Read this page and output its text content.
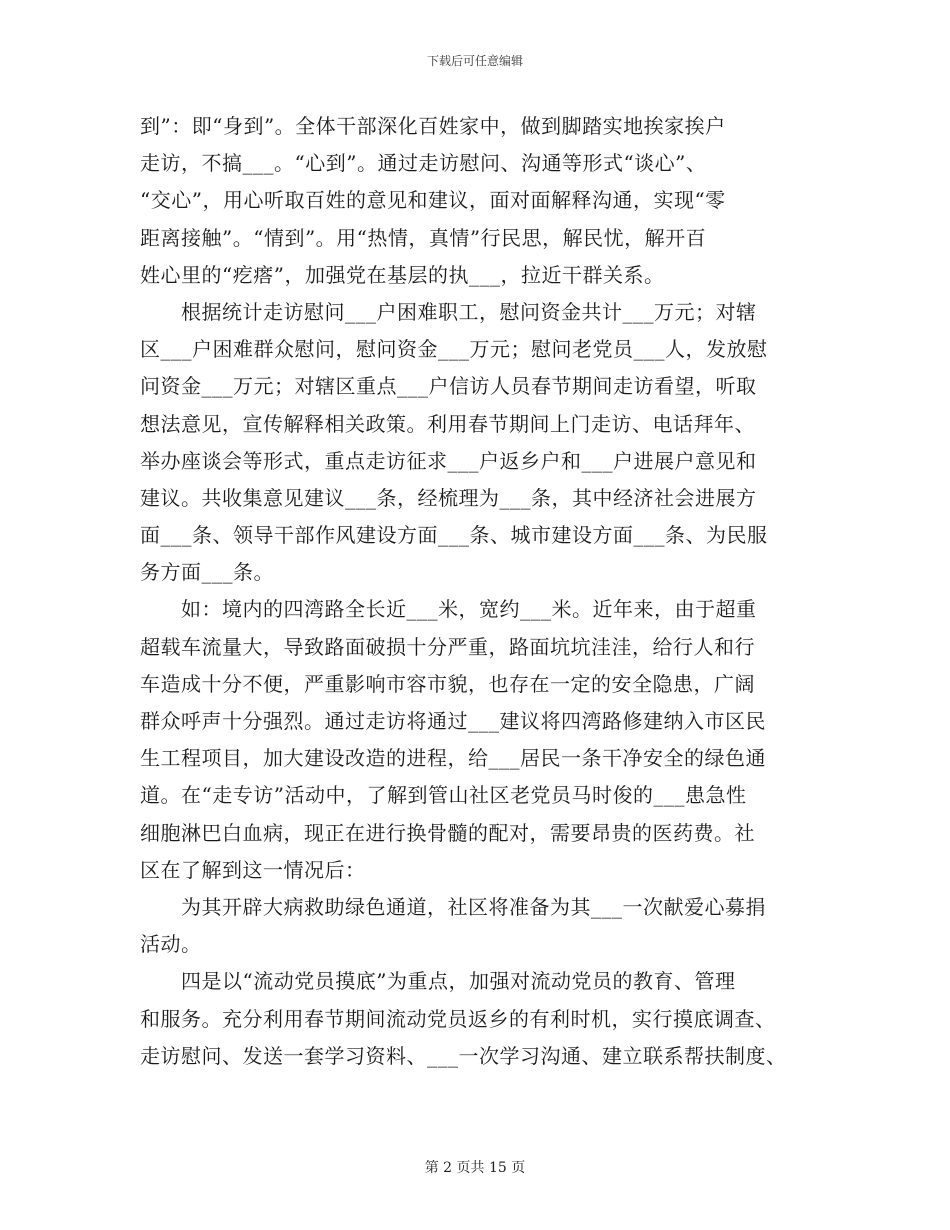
下载后可任意编辑
到”：即“身到”。全体干部深化百姓家中，做到脚踏实地挨家挨户
走访，不搞___。“心到”。通过走访慰问、沟通等形式“谈心”、
“交心”，用心听取百姓的意见和建议，面对面解释沟通，实现“零
距离接触”。“情到”。用“热情，真情”行民思，解民忧，解开百
姓心里的“疙瘩”，加强党在基层的执___，拉近干群关系。
　　根据统计走访慰问___户困难职工，慰问资金共计___万元；对辖
区___户困难群众慰问，慰问资金___万元；慰问老党员___人，发放慰
问资金___万元；对辖区重点___户信访人员春节期间走访看望，听取
想法意见，宣传解释相关政策。利用春节期间上门走访、电话拜年、
举办座谈会等形式，重点走访征求___户返乡户和___户进展户意见和
建议。共收集意见建议___条，经梳理为___条，其中经济社会进展方
面___条、领导干部作风建设方面___条、城市建设方面___条、为民服
务方面___条。
　　如：境内的四湾路全长近___米，宽约___米。近年来，由于超重
超载车流量大，导致路面破损十分严重，路面坑坑洼洼，给行人和行
车造成十分不便，严重影响市容市貌，也存在一定的安全隐患，广阔
群众呼声十分强烈。通过走访将通过___建议将四湾路修建纳入市区民
生工程项目，加大建设改造的进程，给___居民一条干净安全的绿色通
道。在“走专访”活动中，了解到管山社区老党员马时俊的___患急性
细胞淋巴白血病，现正在进行换骨髓的配对，需要昂贵的医药费。社
区在了解到这一情况后：
　　为其开辟大病救助绿色通道，社区将准备为其___一次献爱心募捐
活动。
　　四是以“流动党员摸底”为重点，加强对流动党员的教育、管理
和服务。充分利用春节期间流动党员返乡的有利时机，实行摸底调查、
走访慰问、发送一套学习资料、___一次学习沟通、建立联系帮扶制度、
第 2 页共 15 页
